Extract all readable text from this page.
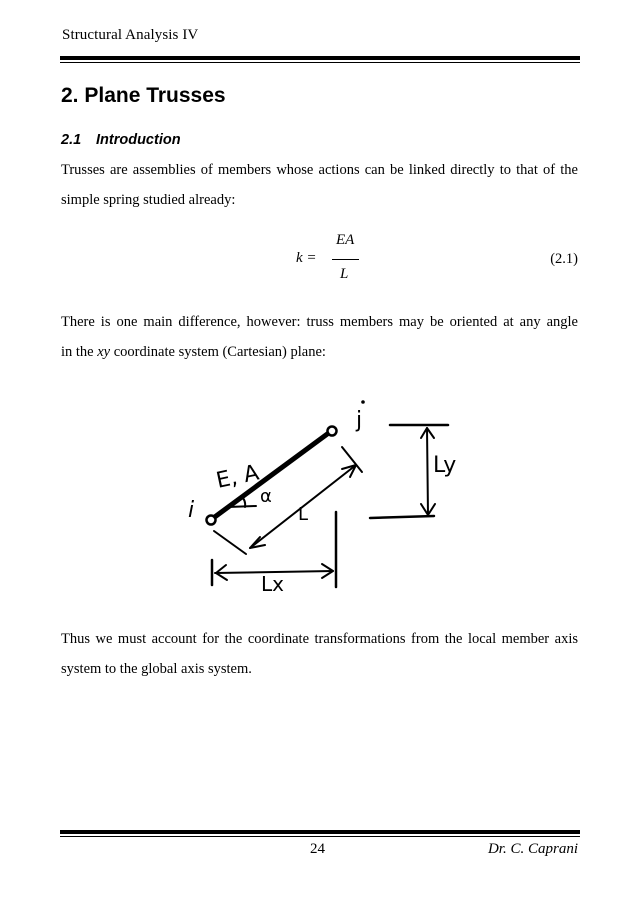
Structural Analysis IV
2. Plane Trusses
2.1 Introduction

Trusses are assemblies of members whose actions can be linked directly to that of the
simple spring studied already:

k =
EA
L
(2.1)

There is one main difference, however: truss members may be oriented at any angle
in the xy coordinate system (Cartesian) plane:

i
j
E, A
α
L
Lx
Ly

Thus we must account for the coordinate transformations from the local member axis
system to the global axis system.

24	Dr. C. Caprani
